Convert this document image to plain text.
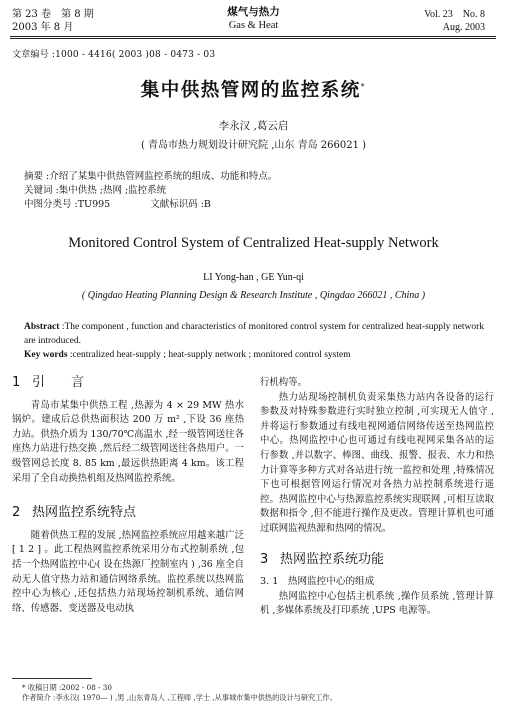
第 23 卷　第 8 期
2003 年 8 月
煤气与热力
Gas & Heat
Vol. 23　No. 8
Aug. 2003
文章编号 :1000 - 4416( 2003 )08 - 0473 - 03
集中供热管网的监控系统*
李永汉 ,葛云启
( 青岛市热力规划设计研究院 ,山东 青岛 266021 )
摘要 :介绍了某集中供热管网监控系统的组成、功能和特点。
关键词 :集中供热 ;热网 ;监控系统
中图分类号 :TU995	文献标识码 :B
Monitored Control System of Centralized Heat-supply Network
LI Yong-han , GE Yun-qi
( Qingdao Heating Planning Design & Research Institute , Qingdao 266021 , China )
Abstract :The component , function and characteristics of monitored control system for centralized heat-supply network are introduced.
Key words :centralized heat-supply ; heat-supply network ; monitored control system
1 引　　言
青岛市某集中供热工程 ,热源为 4 × 29 MW 热水锅炉。建成后总供热面积达 200 万 m² ,下设 36 座热力站。供热介质为 130/70℃高温水 ,经一级管网送往各座热力站进行热交换 ,然后经二级管网送往各热用户。一级管网总长度 8. 85 km ,最远供热距离 4 km。该工程采用了全自动换热机组及热网监控系统。
2 热网监控系统特点
随着供热工程的发展 ,热网监控系统应用越来越广泛 [ 1 2 ] 。此工程热网监控系统采用分布式控制系统 ,包括一个热网监控中心( 设在热源厂控制室内 ) ,36 座全自动无人值守热力站和通信网络系统。监控系统以热网监控中心为核心 ,还包括热力站现场控制机系统、通信网络、传感器、变送器及电动执
行机构等。
热力站现场控制机负责采集热力站内各设备的运行参数及对特殊参数进行实时独立控制 ,可实现无人值守 ,并将运行参数通过有线电视网通信网络传送至热网监控中心。热网监控中心也可通过有线电视网采集各站的运行参数 ,并以数字、棒图、曲线、报警、报表、水力和热力计算等多种方式对各站进行统一监控和处理 ,特殊情况下也可根据管网运行情况对各热力站控制系统进行遥控。热网监控中心与热源监控系统实现联网 ,可相互读取数据和指令 ,但不能进行操作及更改。管理计算机也可通过联网监视热源和热网的情况。
3 热网监控系统功能
3. 1　热网监控中心的组成
热网监控中心包括主机系统 ,操作员系统 ,管理计算机 ,多媒体系统及打印系统 ,UPS 电源等。
* 收稿日期 :2002 - 08 - 30
作者简介 :李永汉( 1970— ) ,男 ,山东青岛人 ,工程师 ,学士 ,从事城市集中供热的设计与研究工作。
